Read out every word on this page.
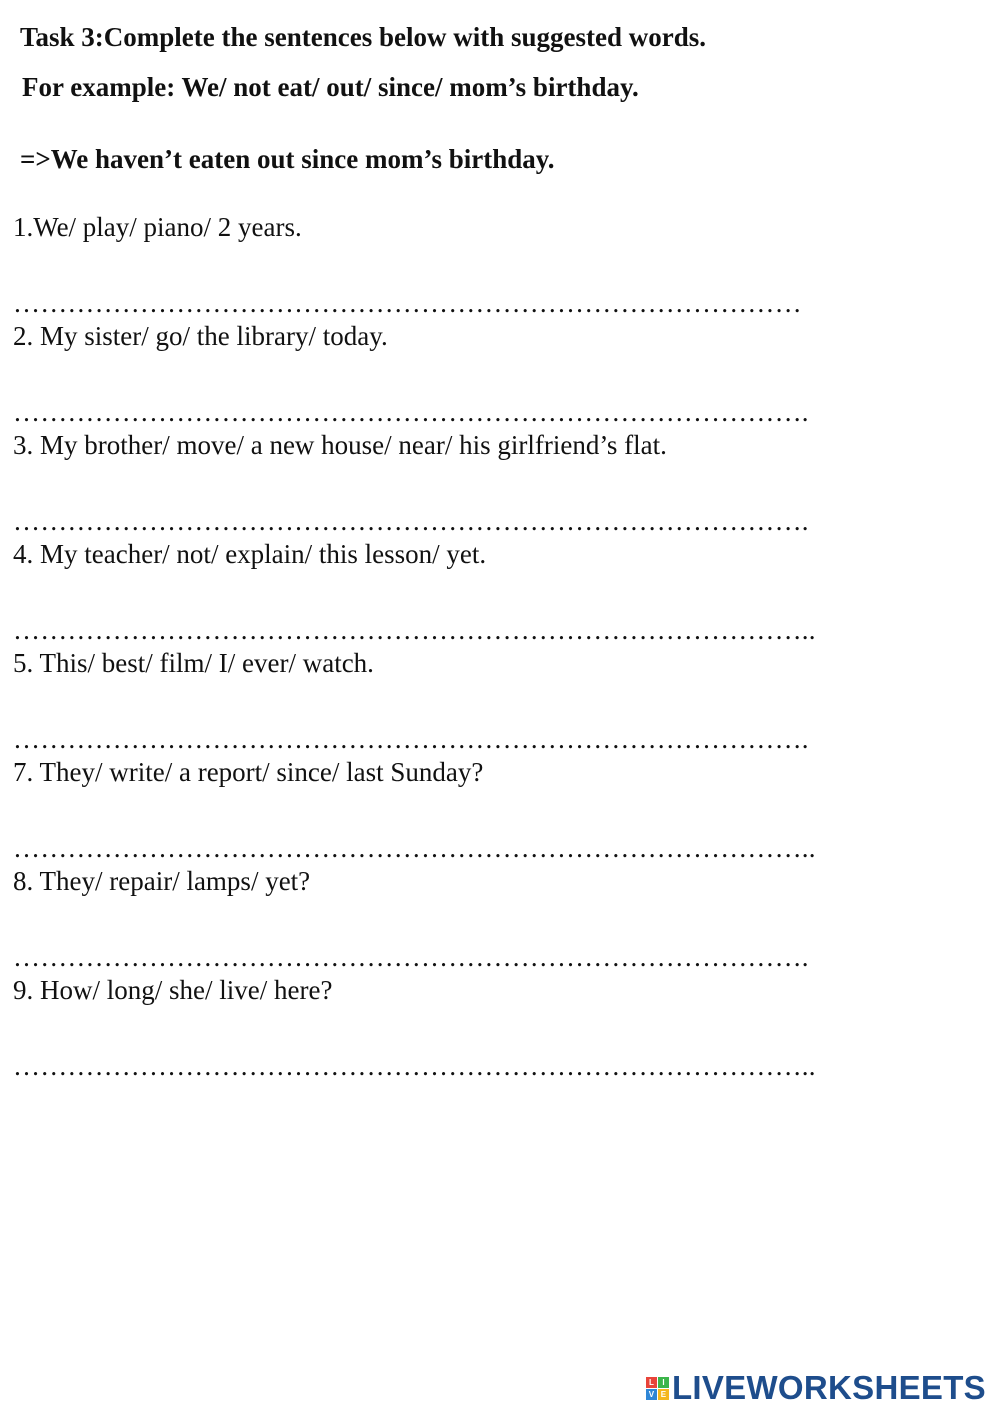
Task 3:Complete the sentences below with suggested words.
For example: We/ not eat/ out/ since/ mom’s birthday.
=>We haven’t eaten out since mom’s birthday.
1.We/ play/ piano/ 2 years.
……………………………………………………………………………
2. My sister/ go/ the library/ today.
…………………………………………………………………………….
3. My brother/ move/ a new house/ near/ his girlfriend’s flat.
…………………………………………………………………………….
4. My teacher/ not/ explain/ this lesson/ yet.
……………………………………………………………………………..
5. This/ best/ film/ I/ ever/ watch.
…………………………………………………………………………….
7. They/ write/ a report/ since/ last Sunday?
……………………………………………………………………………..
8. They/ repair/ lamps/ yet?
…………………………………………………………………………….
9. How/ long/ she/ live/ here?
……………………………………………………………………………..
L	I
V E LIVEWORKSHEETS
